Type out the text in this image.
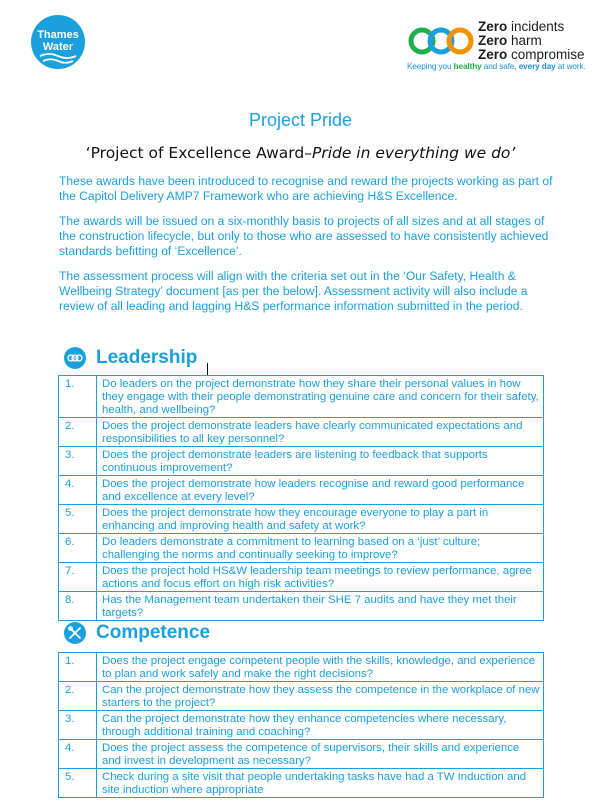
Thames
Water
Zero incidents
Zero harm
Zero compromise
Keeping you healthy and safe, every day at work.
Project Pride
‘Project of Excellence Award–Pride in everything we do’

These awards have been introduced to recognise and reward the projects working as part of the Capitol Delivery AMP7 Framework who are achieving H&S Excellence.

The awards will be issued on a six-monthly basis to projects of all sizes and at all stages of the construction lifecycle, but only to those who are assessed to have consistently achieved standards befitting of ‘Excellence’.

The assessment process will align with the criteria set out in the ‘Our Safety, Health & Wellbeing Strategy’ document [as per the below]. Assessment activity will also include a review of all leading and lagging H&S performance information submitted in the period.

Leadership
1.	Do leaders on the project demonstrate how they share their personal values in how they engage with their people demonstrating genuine care and concern for their safety, health, and wellbeing?
2.	Does the project demonstrate leaders have clearly communicated expectations and responsibilities to all key personnel?
3.	Does the project demonstrate leaders are listening to feedback that supports continuous improvement?
4.	Does the project demonstrate how leaders recognise and reward good performance and excellence at every level?
5.	Does the project demonstrate how they encourage everyone to play a part in enhancing and improving health and safety at work?
6.	Do leaders demonstrate a commitment to learning based on a ‘just’ culture; challenging the norms and continually seeking to improve?
7.	Does the project hold HS&W leadership team meetings to review performance, agree actions and focus effort on high risk activities?
8.	Has the Management team undertaken their SHE 7 audits and have they met their targets?
Competence
1.	Does the project engage competent people with the skills, knowledge, and experience to plan and work safely and make the right decisions?
2.	Can the project demonstrate how they assess the competence in the workplace of new starters to the project?
3.	Can the project demonstrate how they enhance competencies where necessary, through additional training and coaching?
4.	Does the project assess the competence of supervisors, their skills and experience and invest in development as necessary?
5.	Check during a site visit that people undertaking tasks have had a TW Induction and site induction where appropriate
